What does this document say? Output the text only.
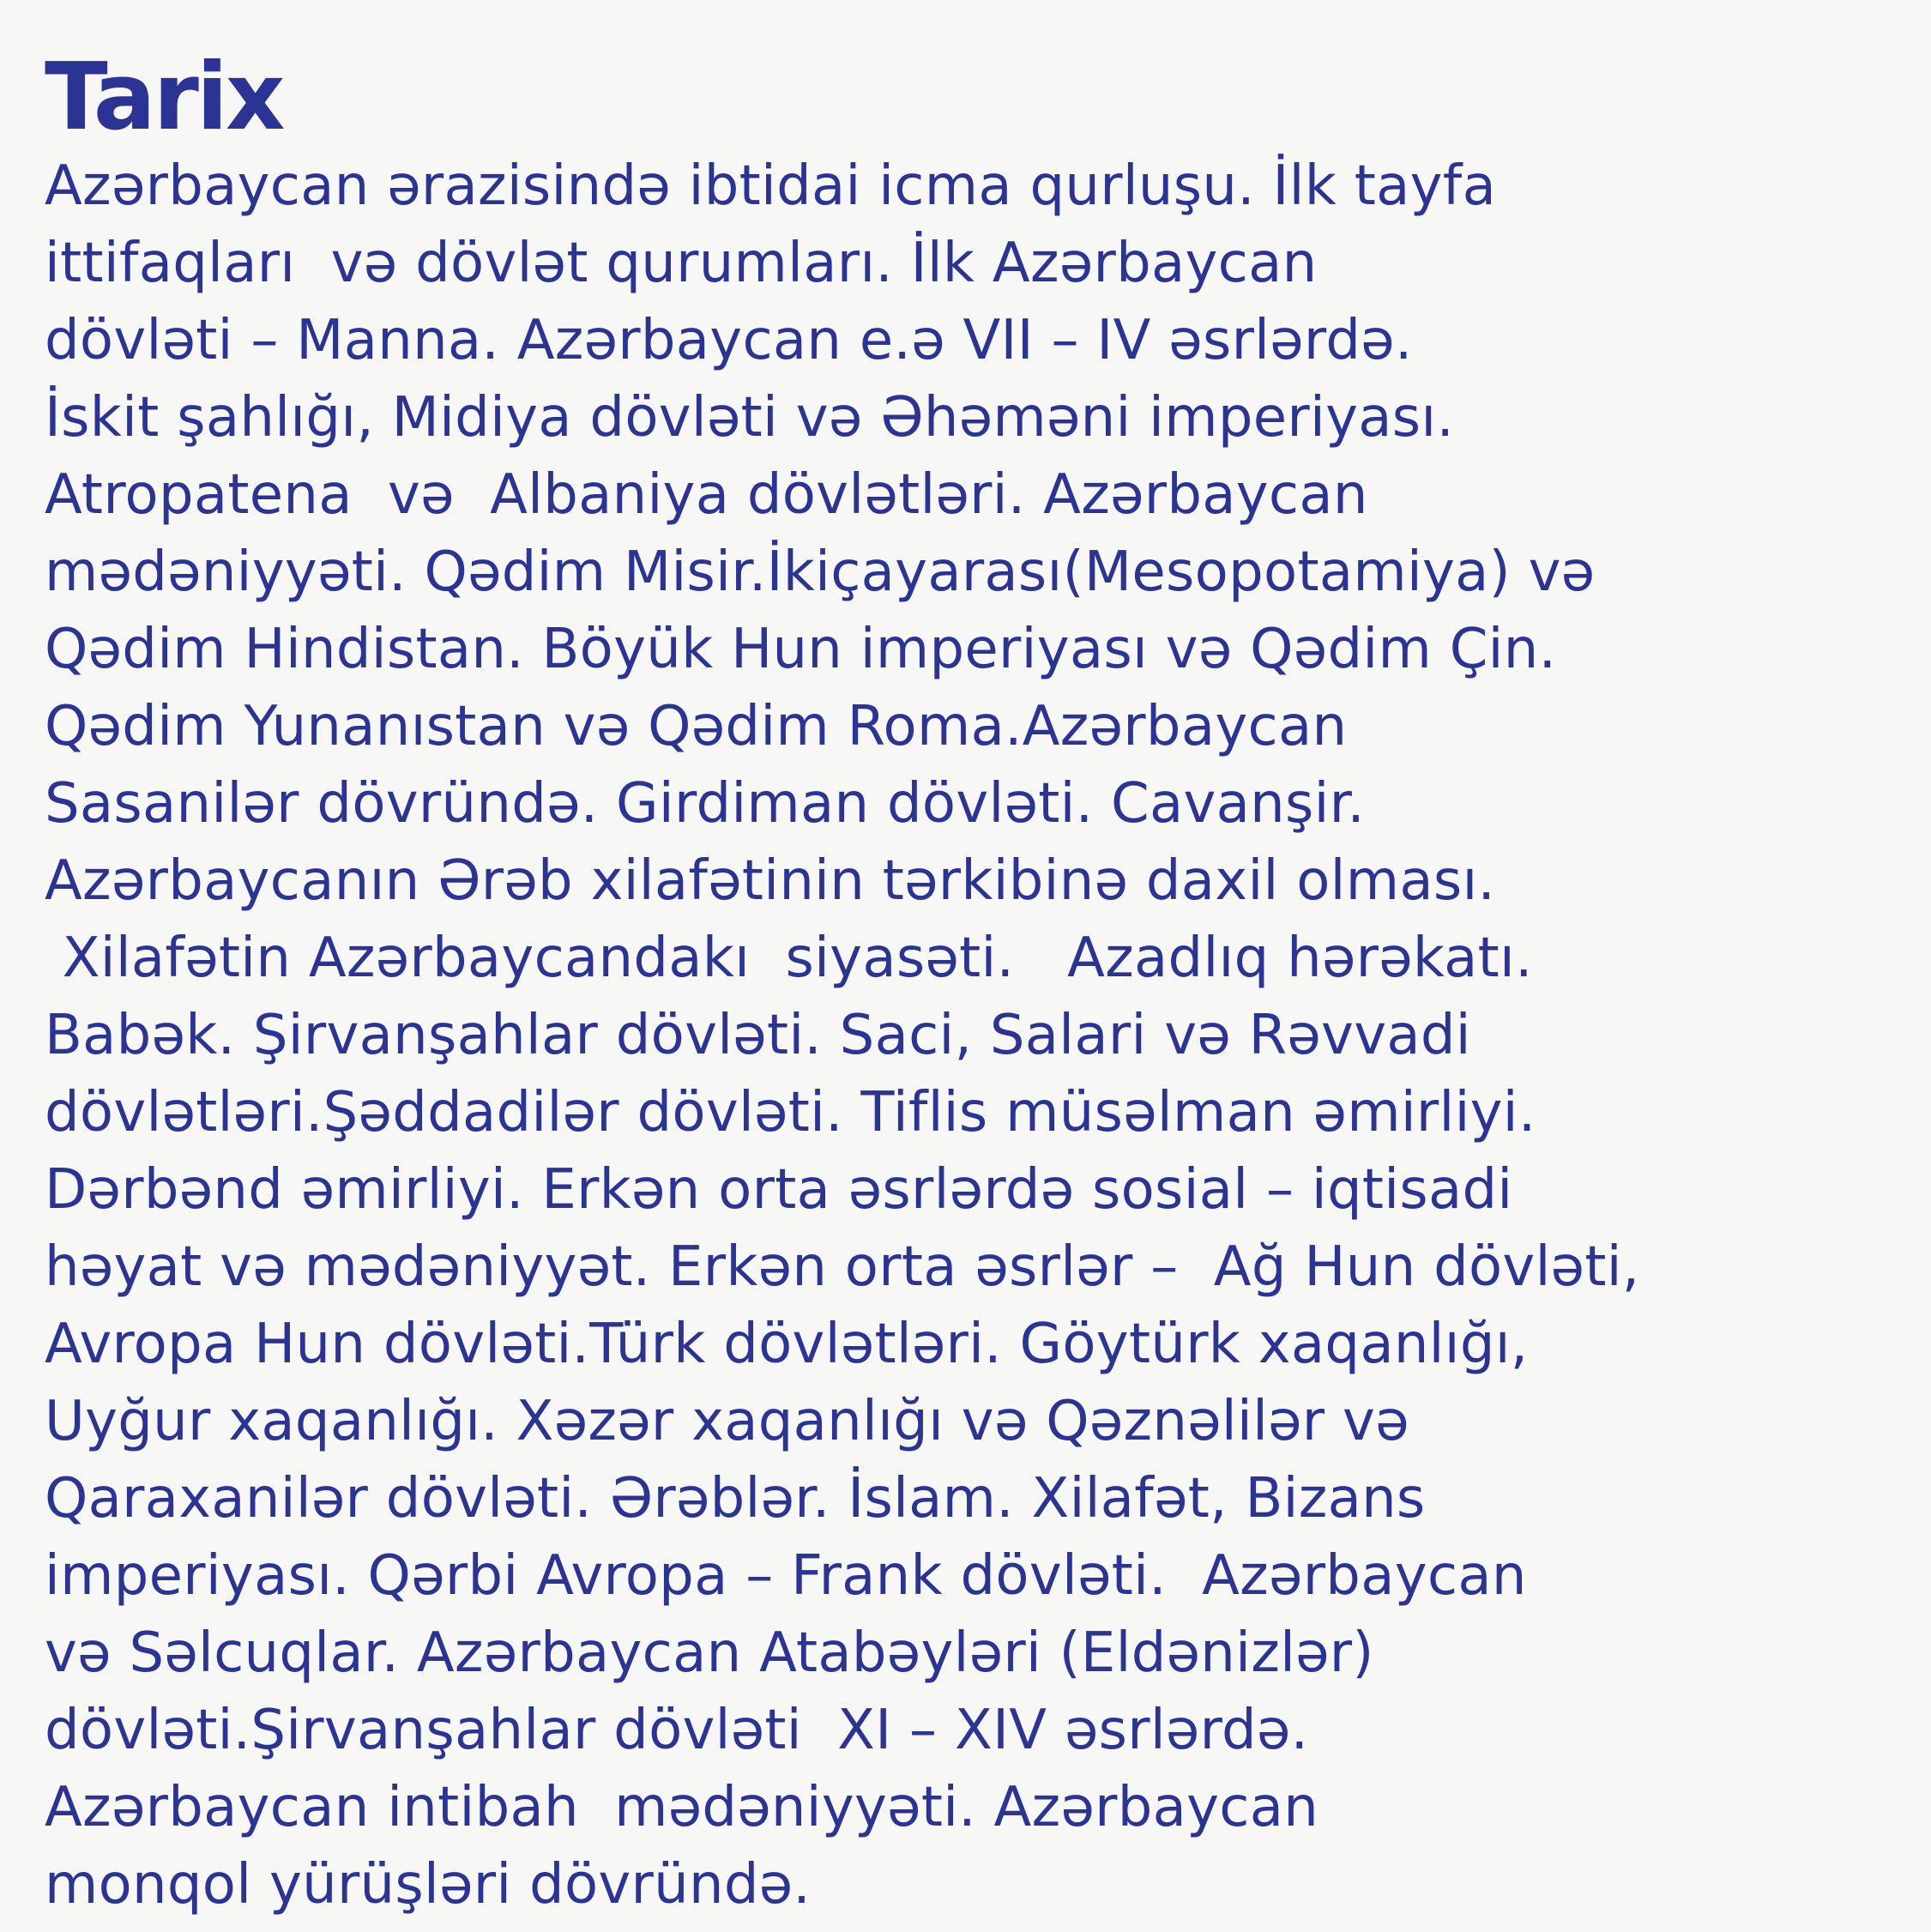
Tarix
Azərbaycan ərazisində ibtidai icma qurluşu. İlk tayfa
ittifaqları  və dövlət qurumları. İlk Azərbaycan
dövləti – Manna. Azərbaycan e.ə VII – IV əsrlərdə.
İskit şahlığı, Midiya dövləti və Əhəməni imperiyası.
Atropatena  və  Albaniya dövlətləri. Azərbaycan
mədəniyyəti. Qədim Misir.İkiçayarası(Mesopotamiya) və
Qədim Hindistan. Böyük Hun imperiyası və Qədim Çin.
Qədim Yunanıstan və Qədim Roma.Azərbaycan
Sasanilər dövründə. Girdiman dövləti. Cavanşir.
Azərbaycanın Ərəb xilafətinin tərkibinə daxil olması.
Xilafətin Azərbaycandakı  siyasəti.   Azadlıq hərəkatı.
Babək. Şirvanşahlar dövləti. Saci, Salari və Rəvvadi
dövlətləri.Şəddadilər dövləti. Tiflis müsəlman əmirliyi.
Dərbənd əmirliyi. Erkən orta əsrlərdə sosial – iqtisadi
həyat və mədəniyyət. Erkən orta əsrlər –  Ağ Hun dövləti,
Avropa Hun dövləti.Türk dövlətləri. Göytürk xaqanlığı,
Uyğur xaqanlığı. Xəzər xaqanlığı və Qəznəlilər və
Qaraxanilər dövləti. Ərəblər. İslam. Xilafət, Bizans
imperiyası. Qərbi Avropa – Frank dövləti.  Azərbaycan
və Səlcuqlar. Azərbaycan Atabəyləri (Eldənizlər)
dövləti.Şirvanşahlar dövləti  XI – XIV əsrlərdə.
Azərbaycan intibah  mədəniyyəti. Azərbaycan
monqol yürüşləri dövründə.
